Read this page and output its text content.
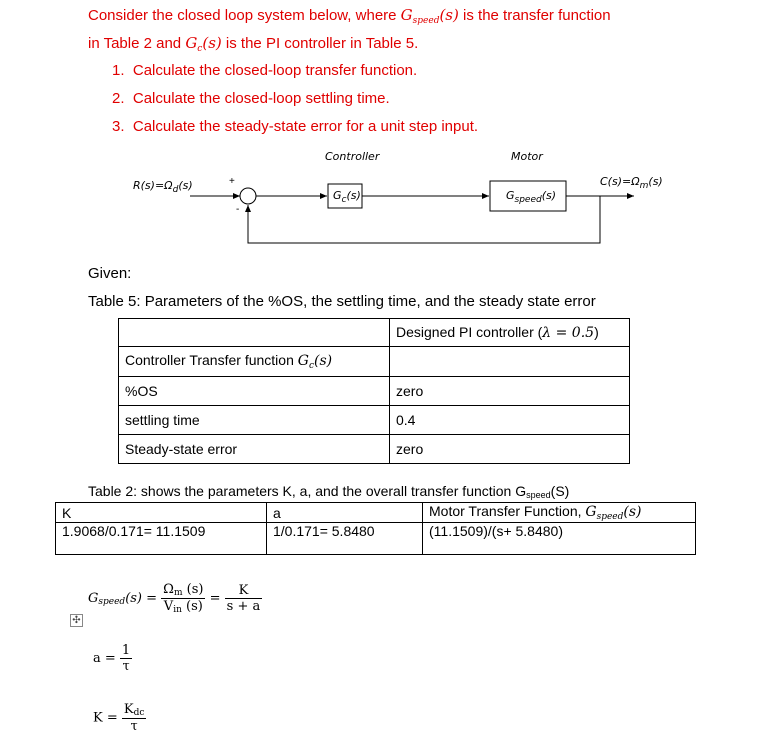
Consider the closed loop system below, where $G_{speed}(s)$ is the transfer function
in Table 2 and $G_c(s)$ is the PI controller in Table 5.
1. Calculate the closed-loop transfer function.
2. Calculate the closed-loop settling time.
3. Calculate the steady-state error for a unit step input.
Controller	Motor
$R(s)=\Omega_d(s)$	$C(s)=\Omega_m(s)$
+
-
$G_c(s)$	$G_{speed}(s)$
Given:
Table 5: Parameters of the %OS, the settling time, and the steady state error
	Designed PI controller (λ = 0.5)
Controller Transfer function $G_c(s)$	
%OS	zero
settling time	0.4
Steady-state error	zero
Table 2: shows the parameters K, a, and the overall transfer function Gspeed(S)
K	a	Motor Transfer Function, $G_{speed}(s)$
1.9068/0.171= 11.1509	1/0.171= 5.8480	(11.1509)/(s+ 5.8480)
Gspeed(s) = $\frac{\Omega m (s)}{\text{Vin (s)}} = \frac{K}{s + a}$
✣
$a = \frac{1}{\tau}$
$K = \frac{\text{Kdc}}{\tau}$
